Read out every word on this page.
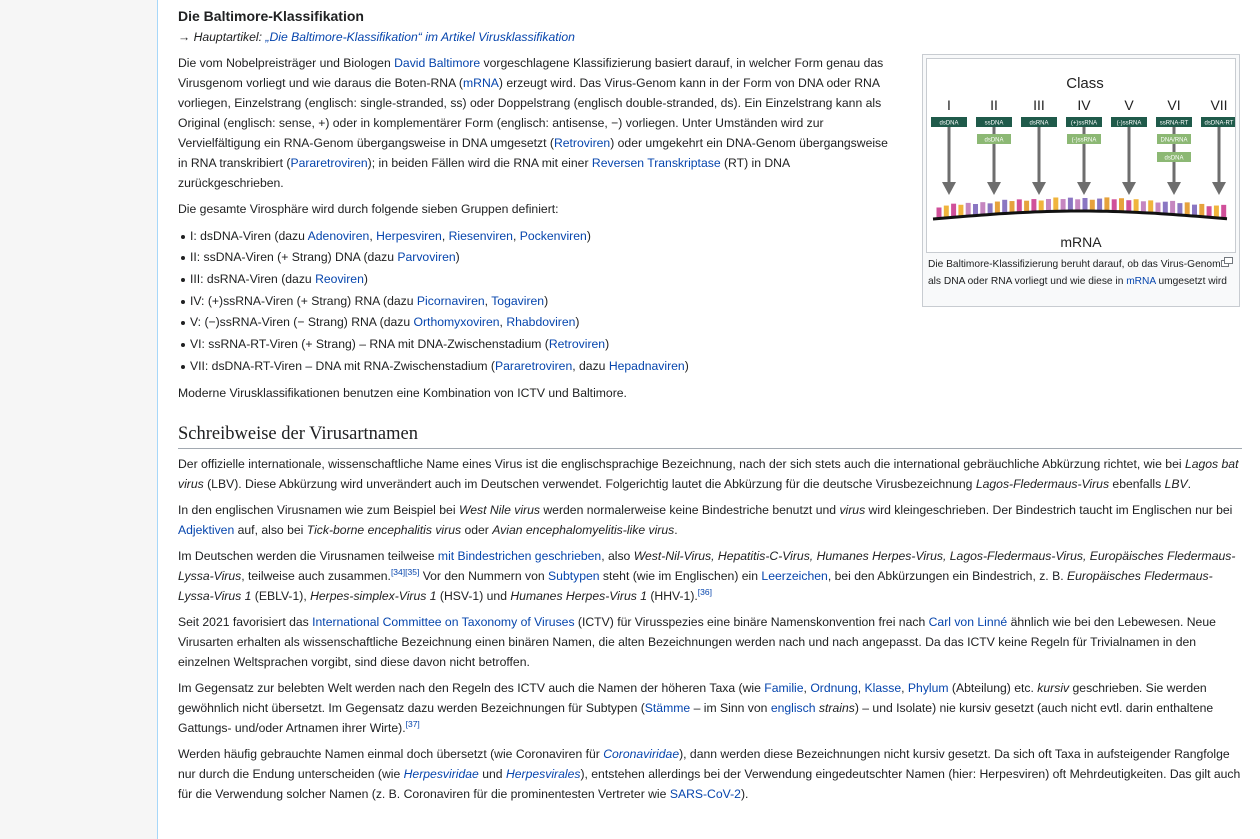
Die Baltimore-Klassifikation
→ Hauptartikel: „Die Baltimore-Klassifikation“ im Artikel Virusklassifikation

Die vom Nobelpreisträger und Biologen David Baltimore vorgeschlagene Klassifizierung basiert darauf, in welcher Form genau das Virusgenom vorliegt und wie daraus die Boten-RNA (mRNA) erzeugt wird. Das Virus-Genom kann in der Form von DNA oder RNA vorliegen, Einzelstrang (englisch: single-stranded, ss) oder Doppelstrang (englisch double-stranded, ds). Ein Einzelstrang kann als Original (englisch: sense, +) oder in komplementärer Form (englisch: antisense, −) vorliegen. Unter Umständen wird zur Vervielfältigung ein RNA-Genom übergangsweise in DNA umgesetzt (Retroviren) oder umgekehrt ein DNA-Genom übergangsweise in RNA transkribiert (Pararetroviren); in beiden Fällen wird die RNA mit einer Reversen Transkriptase (RT) in DNA zurückgeschrieben.

Die gesamte Virosphäre wird durch folgende sieben Gruppen definiert:

I: dsDNA-Viren (dazu Adenoviren, Herpesviren, Riesenviren, Pockenviren)
II: ssDNA-Viren (+ Strang) DNA (dazu Parvoviren)
III: dsRNA-Viren (dazu Reoviren)
IV: (+)ssRNA-Viren (+ Strang) RNA (dazu Picornaviren, Togaviren)
V: (−)ssRNA-Viren (− Strang) RNA (dazu Orthomyxoviren, Rhabdoviren)
VI: ssRNA-RT-Viren (+ Strang) – RNA mit DNA-Zwischenstadium (Retroviren)
VII: dsDNA-RT-Viren – DNA mit RNA-Zwischenstadium (Pararetroviren, dazu Hepadnaviren)

Moderne Virusklassifikationen benutzen eine Kombination von ICTV und Baltimore.

Class
I	II	III IV V VI VII
dsDNA	ssDNA	dsRNA	(+)ssRNA	(-)ssRNA	ssRNA-RT	dsDNA-RT
dsDNA	(-)ssRNA	DNA/RNA
dsDNA
mRNA
Die Baltimore-Klassifizierung beruht darauf, ob das Virus-Genom als DNA oder RNA vorliegt und wie diese in mRNA umgesetzt wird
Schreibweise der Virusartnamen

Der offizielle internationale, wissenschaftliche Name eines Virus ist die englischsprachige Bezeichnung, nach der sich stets auch die international gebräuchliche Abkürzung richtet, wie bei Lagos bat virus (LBV). Diese Abkürzung wird unverändert auch im Deutschen verwendet. Folgerichtig lautet die Abkürzung für die deutsche Virusbezeichnung Lagos-Fledermaus-Virus ebenfalls LBV.

In den englischen Virusnamen wie zum Beispiel bei West Nile virus werden normalerweise keine Bindestriche benutzt und virus wird kleingeschrieben. Der Bindestrich taucht im Englischen nur bei Adjektiven auf, also bei Tick-borne encephalitis virus oder Avian encephalomyelitis-like virus.

Im Deutschen werden die Virusnamen teilweise mit Bindestrichen geschrieben, also West-Nil-Virus, Hepatitis-C-Virus, Humanes Herpes-Virus, Lagos-Fledermaus-Virus, Europäisches Fledermaus-Lyssa-Virus, teilweise auch zusammen.[34][35] Vor den Nummern von Subtypen steht (wie im Englischen) ein Leerzeichen, bei den Abkürzungen ein Bindestrich, z. B. Europäisches Fledermaus-Lyssa-Virus 1 (EBLV-1), Herpes-simplex-Virus 1 (HSV-1) und Humanes Herpes-Virus 1 (HHV-1).[36]

Seit 2021 favorisiert das International Committee on Taxonomy of Viruses (ICTV) für Virusspezies eine binäre Namenskonvention frei nach Carl von Linné ähnlich wie bei den Lebewesen. Neue Virusarten erhalten als wissenschaftliche Bezeichnung einen binären Namen, die alten Bezeichnungen werden nach und nach angepasst. Da das ICTV keine Regeln für Trivialnamen in den einzelnen Weltsprachen vorgibt, sind diese davon nicht betroffen.

Im Gegensatz zur belebten Welt werden nach den Regeln des ICTV auch die Namen der höheren Taxa (wie Familie, Ordnung, Klasse, Phylum (Abteilung) etc. kursiv geschrieben. Sie werden gewöhnlich nicht übersetzt. Im Gegensatz dazu werden Bezeichnungen für Subtypen (Stämme – im Sinn von englisch strains) – und Isolate) nie kursiv gesetzt (auch nicht evtl. darin enthaltene Gattungs- und/oder Artnamen ihrer Wirte).[37]

Werden häufig gebrauchte Namen einmal doch übersetzt (wie Coronaviren für Coronaviridae), dann werden diese Bezeichnungen nicht kursiv gesetzt. Da sich oft Taxa in aufsteigender Rangfolge nur durch die Endung unterscheiden (wie Herpesviridae und Herpesvirales), entstehen allerdings bei der Verwendung eingedeutschter Namen (hier: Herpesviren) oft Mehrdeutigkeiten. Das gilt auch für die Verwendung solcher Namen (z. B. Coronaviren für die prominentesten Vertreter wie SARS-CoV-2).
